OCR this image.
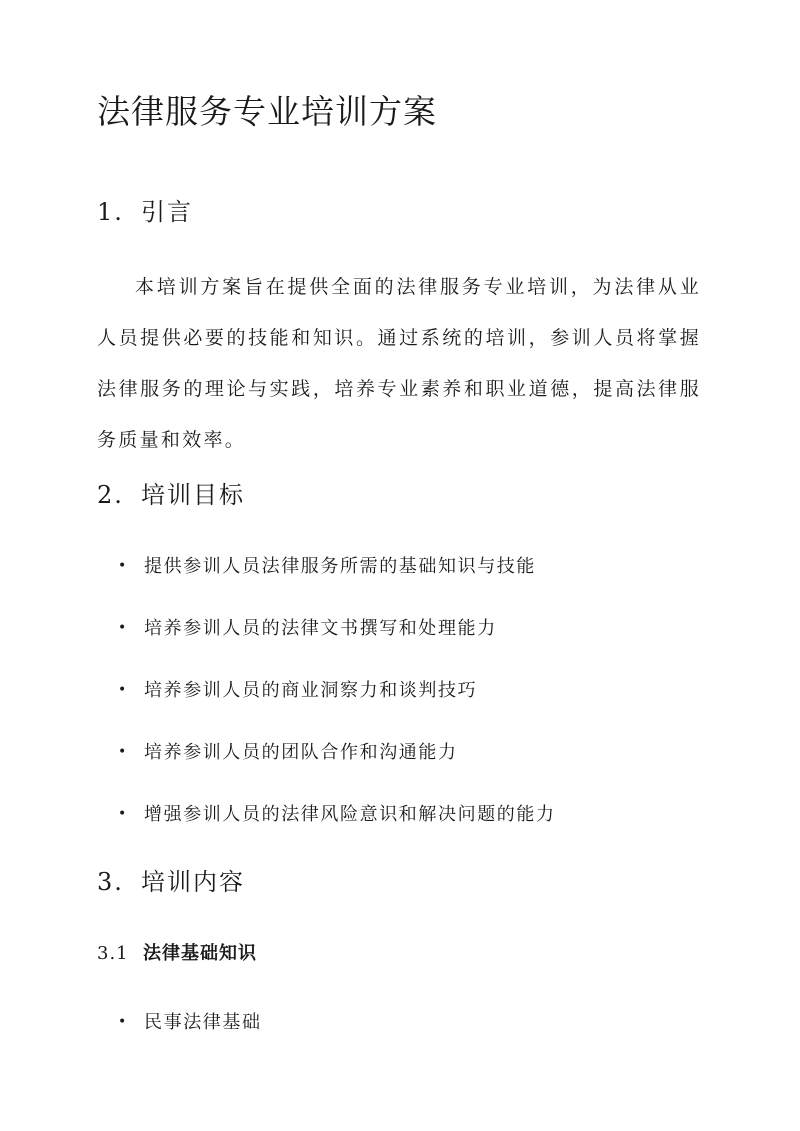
法律服务专业培训方案
1. 引言

本培训方案旨在提供全面的法律服务专业培训，为法律从业人员提供必要的技能和知识。通过系统的培训，参训人员将掌握法律服务的理论与实践，培养专业素养和职业道德，提高法律服务质量和效率。

2. 培训目标

• 提供参训人员法律服务所需的基础知识与技能

• 培养参训人员的法律文书撰写和处理能力

• 培养参训人员的商业洞察力和谈判技巧

• 培养参训人员的团队合作和沟通能力

• 增强参训人员的法律风险意识和解决问题的能力

3. 培训内容
3.1 法律基础知识

• 民事法律基础
